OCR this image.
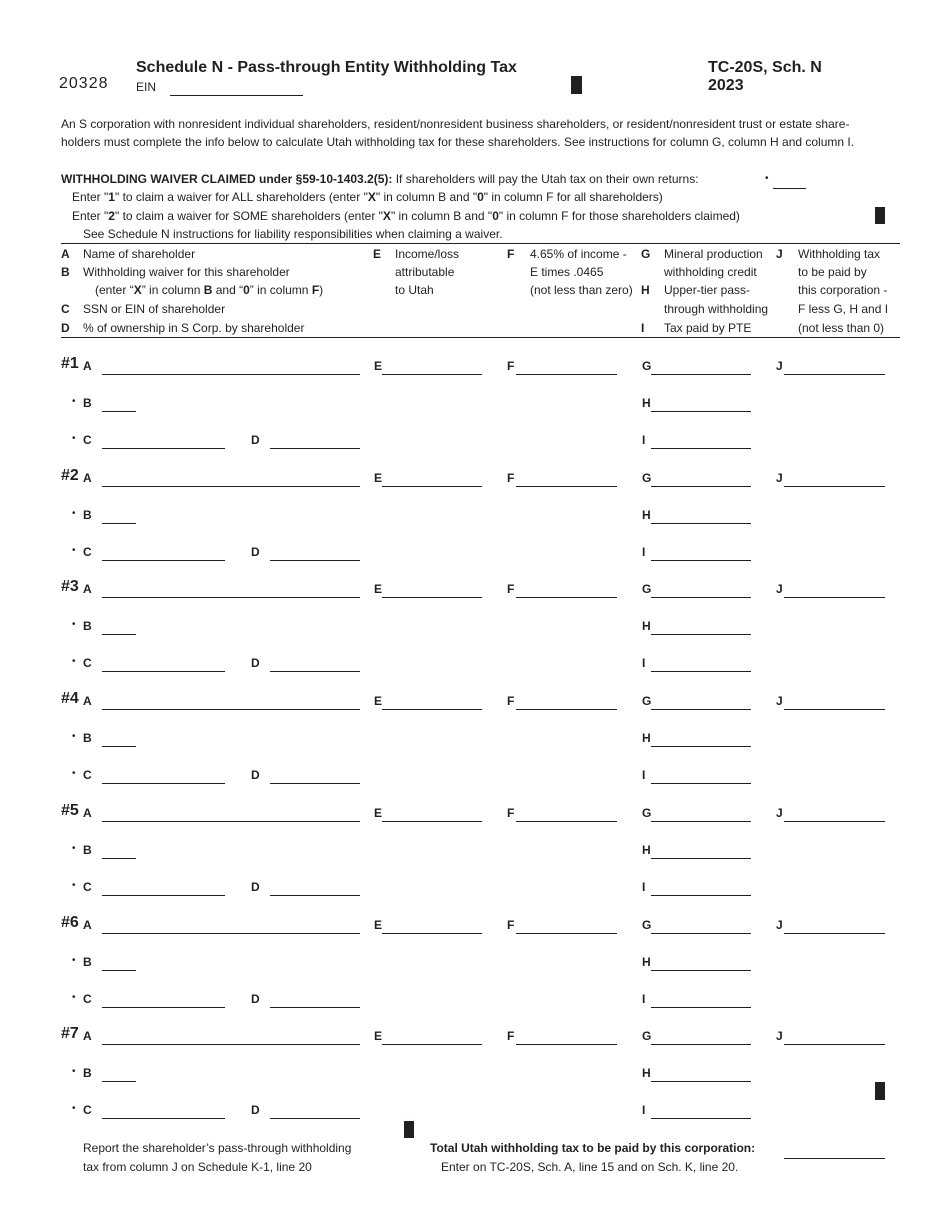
20328
Schedule N - Pass-through Entity Withholding Tax
EIN
TC-20S, Sch. N
2023
An S corporation with nonresident individual shareholders, resident/nonresident business shareholders, or resident/nonresident trust or estate share-
holders must complete the info below to calculate Utah withholding tax for these shareholders. See instructions for column G, column H and column I.
WITHHOLDING WAIVER CLAIMED under §59-10-1403.2(5): If shareholders will pay the Utah tax on their own returns:	•
Enter "1" to claim a waiver for ALL shareholders (enter "X" in column B and "0" in column F for all shareholders)
Enter "2" to claim a waiver for SOME shareholders (enter "X" in column B and "0" in column F for those shareholders claimed)
See Schedule N instructions for liability responsibilities when claiming a waiver.
A Name of shareholder
B Withholding waiver for this shareholder
(enter “X” in column B and “0” in column F)
C SSN or EIN of shareholder
D % of ownership in S Corp. by shareholder
E Income/loss
attributable
to Utah
F 4.65% of income -
E times .0465
(not less than zero)
G Mineral production
withholding credit
H Upper-tier pass-
through withholding
I Tax paid by PTE
J Withholding tax
to be paid by
this corporation -
F less G, H and I
(not less than 0)
#1 A	E	F	G	J
• B	H
• C	D	I
#2 A	E	F	G	J
• B	H
• C	D	I
#3 A	E	F	G	J
• B	H
• C	D	I
#4 A	E	F	G	J
• B	H
• C	D	I
#5 A	E	F	G	J
• B	H
• C	D	I
#6 A	E	F	G	J
• B	H
• C	D	I
#7 A	E	F	G	J
• B	H
• C	D	I
Report the shareholder’s pass-through withholding
tax from column J on Schedule K-1, line 20
Total Utah withholding tax to be paid by this corporation:
Enter on TC-20S, Sch. A, line 15 and on Sch. K, line 20.
